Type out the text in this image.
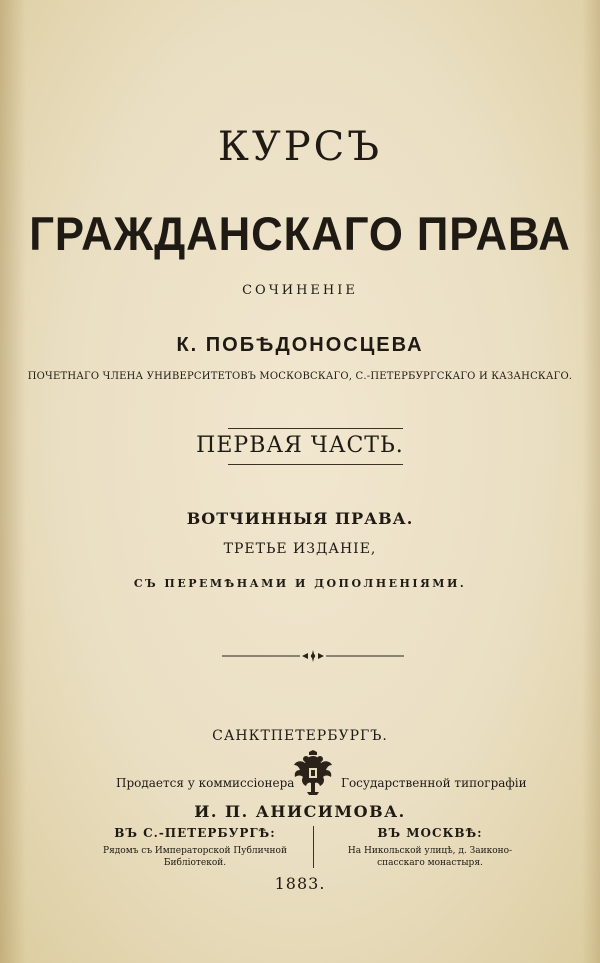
КУРСЪ
ГРАЖДАНСКАГО ПРАВА
СОЧИНЕНІЕ
К. ПОБѢДОНОСЦЕВА
ПОЧЕТНАГО ЧЛЕНА УНИВЕРСИТЕТОВЪ МОСКОВСКАГО, С.-ПЕТЕРБУРГСКАГО И КАЗАНСКАГО.
ПЕРВАЯ ЧАСТЬ.
ВОТЧИННЫЯ ПРАВА.
ТРЕТЬЕ ИЗДАНІЕ,
СЪ ПЕРЕМѢНАМИ И ДОПОЛНЕНІЯМИ.
САНКТПЕТЕРБУРГЪ.
Продается у коммиссіонера	Государственной типографіи
И. П. АНИСИМОВА.
ВЪ С.-ПЕТЕРБУРГѢ:
Рядомъ съ Императорской Публичной
Библіотекой.
ВЪ МОСКВѢ:
На Никольской улицѣ, д. Заиконо-
спасскаго монастыря.
1883.
